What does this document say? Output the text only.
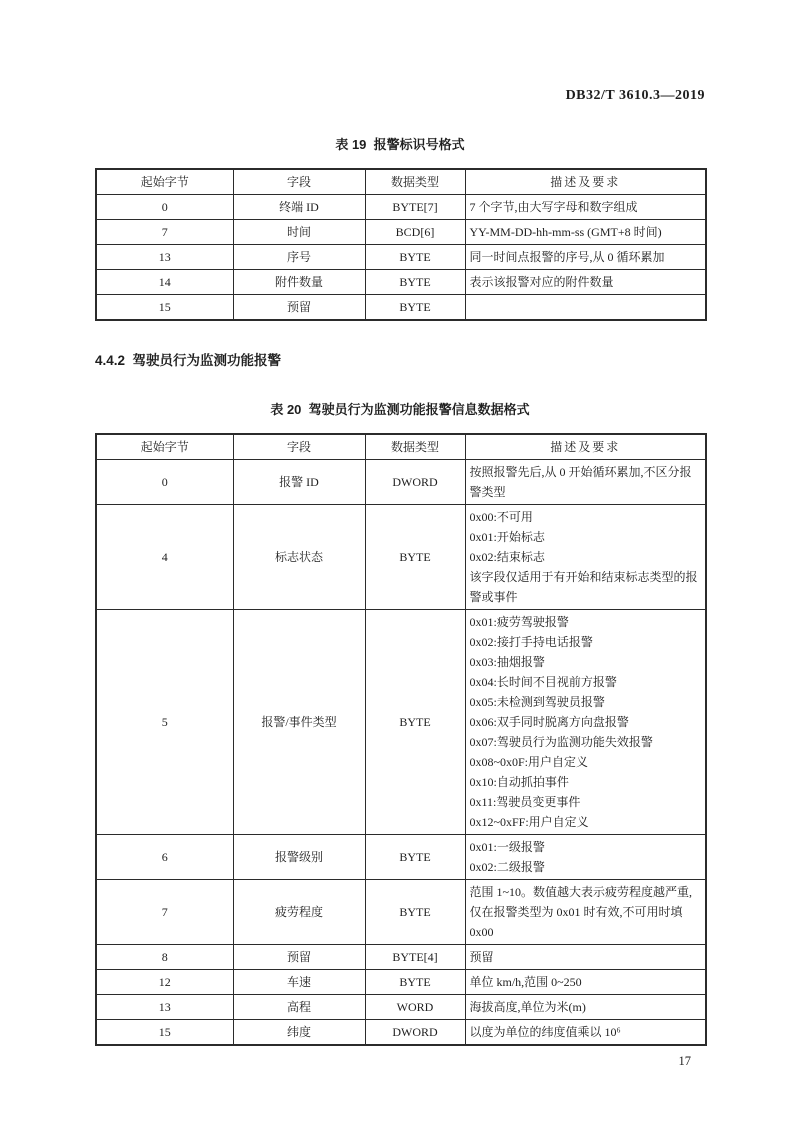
DB32/T 3610.3—2019
表 19  报警标识号格式
起始字节	字段	数据类型	描述及要求
0	终端 ID	BYTE[7]	7 个字节,由大写字母和数字组成

7	时间	BCD[6]	YY-MM-DD-hh-mm-ss (GMT+8 时间)

13	序号	BYTE	同一时间点报警的序号,从 0 循环累加

14	附件数量	BYTE	表示该报警对应的附件数量

15	预留	BYTE	
4.4.2  驾驶员行为监测功能报警
表 20  驾驶员行为监测功能报警信息数据格式
起始字节	字段	数据类型	描述及要求
0	报警 ID	DWORD	按照报警先后,从 0 开始循环累加,不区分报警类型

4	标志状态	BYTE	0x00:不可用
0x01:开始标志
0x02:结束标志
该字段仅适用于有开始和结束标志类型的报警或事件

5	报警/事件类型	BYTE	
0x01:疲劳驾驶报警
0x02:接打手持电话报警
0x03:抽烟报警
0x04:长时间不目视前方报警
0x05:未检测到驾驶员报警
0x06:双手同时脱离方向盘报警
0x07:驾驶员行为监测功能失效报警
0x08~0x0F:用户自定义
0x10:自动抓拍事件
0x11:驾驶员变更事件
0x12~0xFF:用户自定义

6	报警级别	BYTE	0x01:一级报警
0x02:二级报警

7	疲劳程度	BYTE	范围 1~10。数值越大表示疲劳程度越严重,仅在报警类型为 0x01 时有效,不可用时填 0x00

8	预留	BYTE[4]	预留

12	车速	BYTE	单位 km/h,范围 0~250

13	高程	WORD	海拔高度,单位为米(m)

15	纬度	DWORD	以度为单位的纬度值乘以 10⁶
17
